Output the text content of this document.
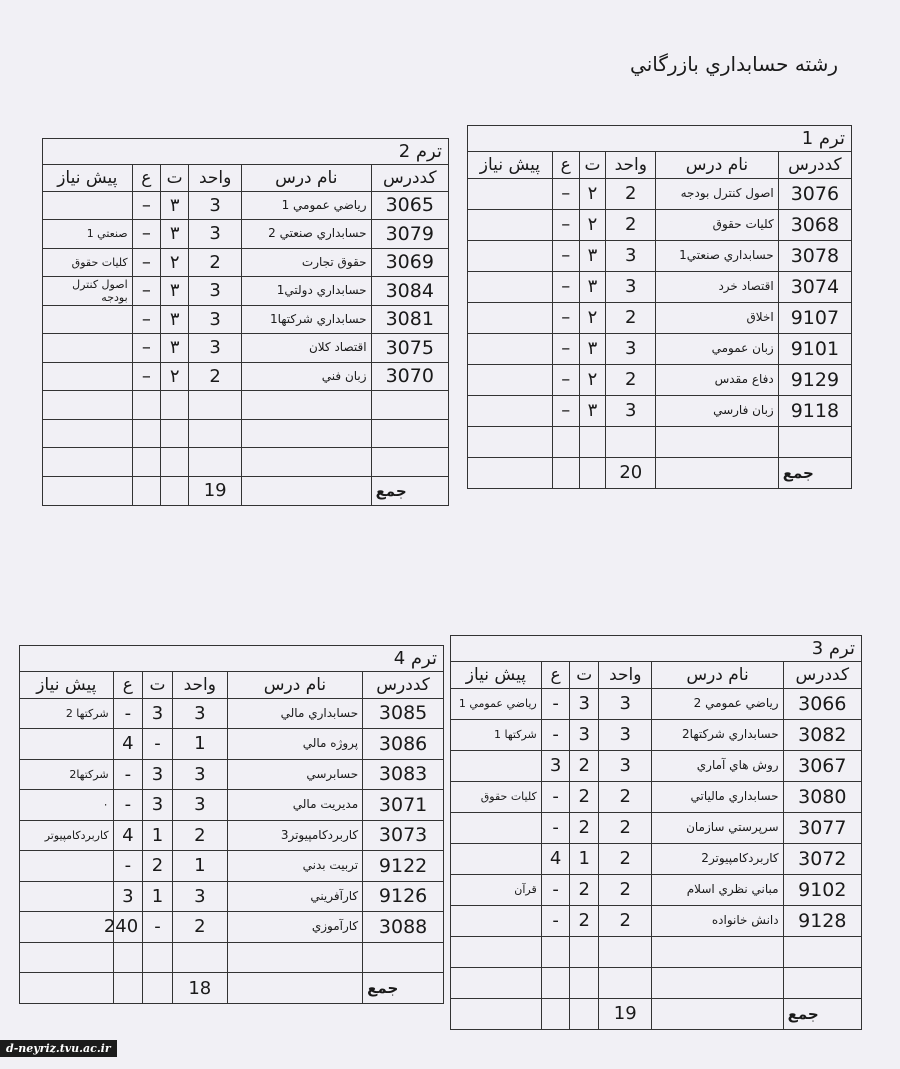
رشته حسابداري بازرگاني
ترم 1
كددرس	نام درس	واحد	ت	ع	پيش نياز
3076	اصول كنترل بودجه	2	٢	–	
3068	كليات حقوق	2	٢	–	
3078	حسابداري صنعتي1	3	٣	–	
3074	اقتصاد خرد	3	٣	–	
9107	اخلاق	2	٢	–	
9101	زبان عمومي	3	٣	–	
9129	دفاع مقدس	2	٢	–	
9118	زبان فارسي	3	٣	–	

جمع		20			
ترم 2
كددرس	نام درس	واحد	ت	ع	پيش نياز
3065	رياضي عمومي 1	3	٣	–	
3079	حسابداري صنعتي 2	3	٣	–	صنعتي 1
3069	حقوق تجارت	2	٢	–	كليات حقوق
3084	حسابداري دولتي1	3	٣	–	اصول كنترل بودجه
3081	حسابداري شركتها1	3	٣	–	
3075	اقتصاد كلان	3	٣	–	
3070	زبان فني	2	٢	–	

جمع		19			
ترم 3
كددرس	نام درس	واحد	ت	ع	پيش نياز
3066	رياضي عمومي 2	3	3	-	رياضي عمومي 1
3082	حسابداري شركتها2	3	3	-	شركتها 1
3067	روش هاي آماري	3	2	3	
3080	حسابداري مالياتي	2	2	-	كليات حقوق
3077	سرپرستي سازمان	2	2	-	
3072	كاربردكامپيوتر2	2	1	4	
9102	مباني نظري اسلام	2	2	-	قرآن
9128	دانش خانواده	2	2	-	

جمع		19			
ترم 4
كددرس	نام درس	واحد	ت	ع	پيش نياز
3085	حسابداري مالي	3	3	-	شركتها 2
3086	پروژه مالي	1	-	4	
3083	حسابرسي	3	3	-	شركتها2
3071	مديريت مالي	3	3	-	٠
3073	كاربردكامپيوتر3	2	1	4	كاربردكامپيوتر
9122	تربيت بدني	1	2	-	
9126	كارآفريني	3	1	3	
3088	كارآموزي	2	-	240	

جمع		18			
d-neyriz.tvu.ac.ir
